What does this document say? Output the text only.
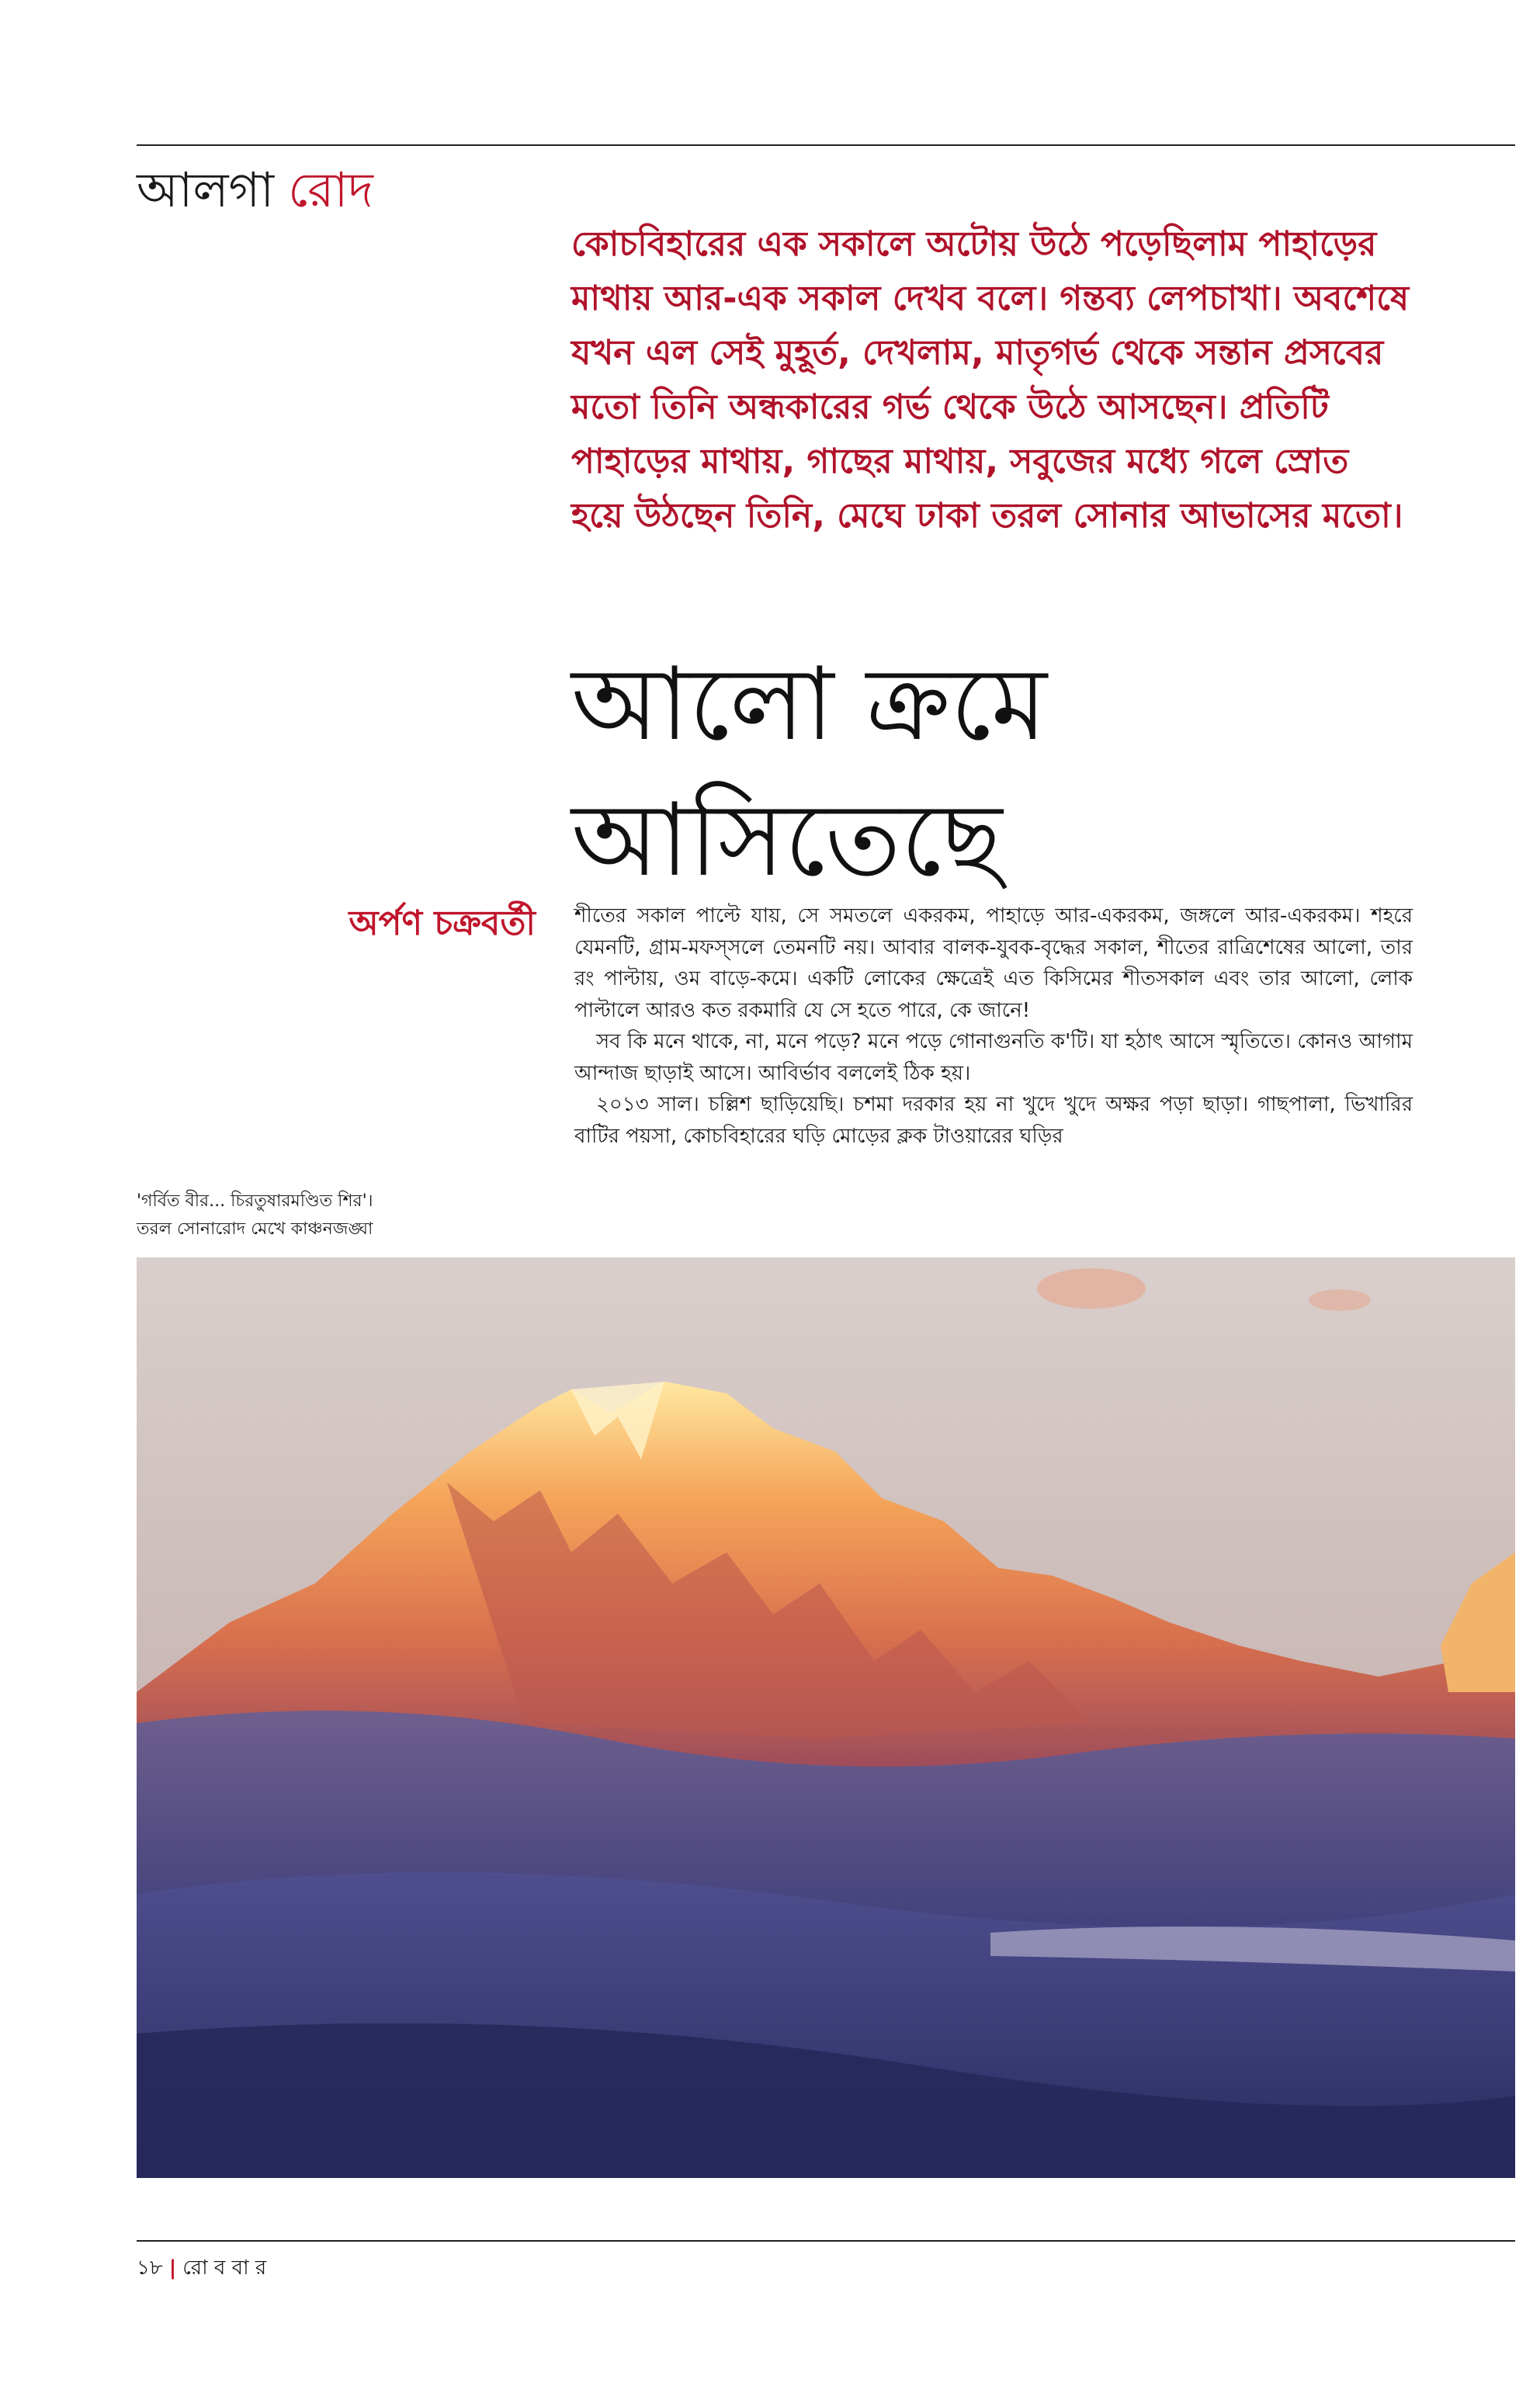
আলগা রোদ
কোচবিহারের এক সকালে অটোয় উঠে পড়েছিলাম পাহাড়ের মাথায় আর-এক সকাল দেখব বলে। গন্তব্য লেপচাখা। অবশেষে যখন এল সেই মুহূর্ত, দেখলাম, মাতৃগর্ভ থেকে সন্তান প্রসবের মতো তিনি অন্ধকারের গর্ভ থেকে উঠে আসছেন। প্রতিটি পাহাড়ের মাথায়, গাছের মাথায়, সবুজের মধ্যে গলে স্রোত হয়ে উঠছেন তিনি, মেঘে ঢাকা তরল সোনার আভাসের মতো।
আলো ক্রমে
আসিতেছে
অর্পণ চক্রবর্তী শীতের সকাল পাল্টে যায়, সে সমতলে একরকম, পাহাড়ে আর-একরকম, জঙ্গলে আর-একরকম। শহরে যেমনটি, গ্রাম-মফস্‌সলে তেমনটি নয়। আবার বালক-যুবক-বৃদ্ধের সকাল, শীতের রাত্রিশেষের আলো, তার রং পাল্টায়, ওম বাড়ে-কমে। একটি লোকের ক্ষেত্রেই এত কিসিমের শীতসকাল এবং তার আলো, লোক পাল্টালে আরও কত রকমারি যে সে হতে পারে, কে জানে!

সব কি মনে থাকে, না, মনে পড়ে? মনে পড়ে গোনাগুনতি ক'টি। যা হঠাৎ আসে স্মৃতিতে। কোনও আগাম আন্দাজ ছাড়াই আসে। আবির্ভাব বললেই ঠিক হয়।

২০১৩ সাল। চল্লিশ ছাড়িয়েছি। চশমা দরকার হয় না খুদে খুদে অক্ষর পড়া ছাড়া। গাছপালা, ভিখারির বাটির পয়সা, কোচবিহারের ঘড়ি মোড়ের ক্লক টাওয়ারের ঘড়ির

'গর্বিত বীর... চিরতুষারমণ্ডিত শির'।
তরল সোনারোদ মেখে কাঞ্চনজঙ্ঘা
১৮ | রো ব বা র
